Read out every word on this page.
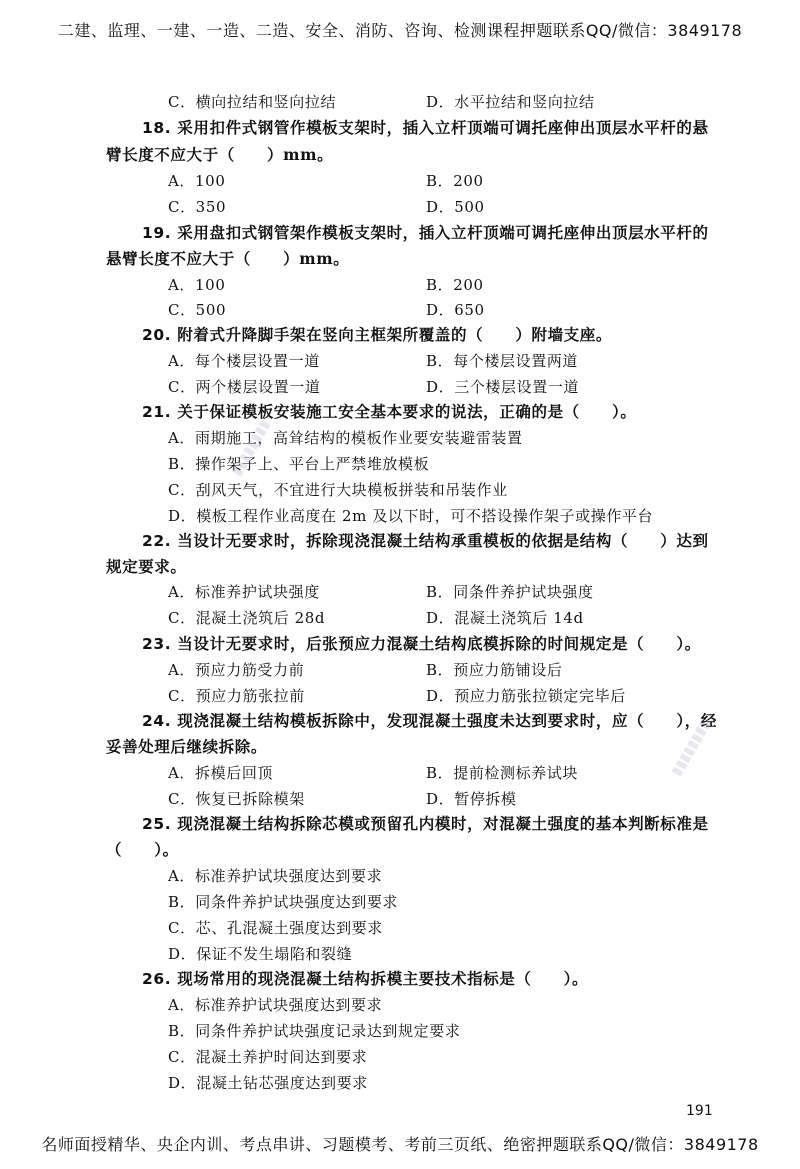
二建、监理、一建、一造、二造、安全、消防、咨询、检测课程押题联系QQ/微信：3849178
C．横向拉结和竖向拉结	D．水平拉结和竖向拉结
18. 采用扣件式钢管作模板支架时，插入立杆顶端可调托座伸出顶层水平杆的悬
臂长度不应大于（　　）mm。
A．100	B．200
C．350	D．500
19. 采用盘扣式钢管架作模板支架时，插入立杆顶端可调托座伸出顶层水平杆的
悬臂长度不应大于（　　）mm。
A．100	B．200
C．500	D．650
20. 附着式升降脚手架在竖向主框架所覆盖的（　　）附墙支座。
A．每个楼层设置一道	B．每个楼层设置两道
C．两个楼层设置一道	D．三个楼层设置一道
21. 关于保证模板安装施工安全基本要求的说法，正确的是（　　）。
A．雨期施工，高耸结构的模板作业要安装避雷装置
B．操作架子上、平台上严禁堆放模板
C．刮风天气，不宜进行大块模板拼装和吊装作业
D．模板工程作业高度在 2m 及以下时，可不搭设操作架子或操作平台
22. 当设计无要求时，拆除现浇混凝土结构承重模板的依据是结构（　　）达到
规定要求。
A．标准养护试块强度	B．同条件养护试块强度
C．混凝土浇筑后 28d	D．混凝土浇筑后 14d
23. 当设计无要求时，后张预应力混凝土结构底模拆除的时间规定是（　　）。
A．预应力筋受力前	B．预应力筋铺设后
C．预应力筋张拉前	D．预应力筋张拉锁定完毕后
24. 现浇混凝土结构模板拆除中，发现混凝土强度未达到要求时，应（　　），经
妥善处理后继续拆除。
A．拆模后回顶	B．提前检测标养试块
C．恢复已拆除模架	D．暂停拆模
25. 现浇混凝土结构拆除芯模或预留孔内模时，对混凝土强度的基本判断标准是
（　　）。
A．标准养护试块强度达到要求
B．同条件养护试块强度达到要求
C．芯、孔混凝土强度达到要求
D．保证不发生塌陷和裂缝
26. 现场常用的现浇混凝土结构拆模主要技术指标是（　　）。
A．标准养护试块强度达到要求
B．同条件养护试块强度记录达到规定要求
C．混凝土养护时间达到要求
D．混凝土钻芯强度达到要求
▮▮▮▮▮▮▮▮
▮▮▮▮▮▮▮▮
191
名师面授精华、央企内训、考点串讲、习题模考、考前三页纸、绝密押题联系QQ/微信：3849178
